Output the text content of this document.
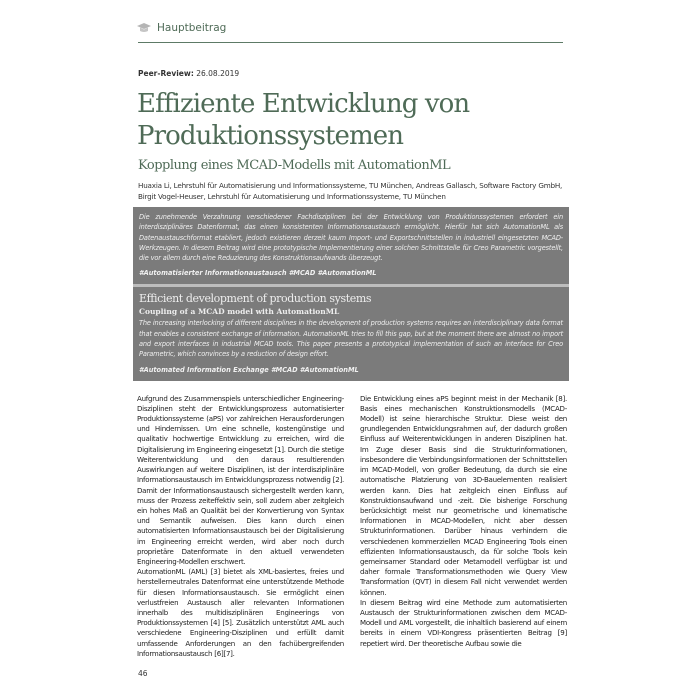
Hauptbeitrag
Peer-Review: 26.08.2019
Effiziente Entwicklung von Produktionssystemen
Kopplung eines MCAD-Modells mit AutomationML
Huaxia Li, Lehrstuhl für Automatisierung und Informationssysteme, TU München, Andreas Gallasch, Software Factory GmbH, Birgit Vogel-Heuser, Lehrstuhl für Automatisierung und Informationssysteme, TU München

Die zunehmende Verzahnung verschiedener Fachdisziplinen bei der Entwicklung von Produktionssystemen erfordert ein interdisziplinäres Datenformat, das einen konsistenten Informationsaustausch ermöglicht. Hierfür hat sich AutomationML als Datenaustauschformat etabliert, jedoch existieren derzeit kaum Import- und Exportschnittstellen in industriell eingesetzten MCAD-Werkzeugen. In diesem Beitrag wird eine prototypische Implementierung einer solchen Schnittstelle für Creo Parametric vorgestellt, die vor allem durch eine Reduzierung des Konstruktionsaufwands überzeugt.

#Automatisierter Informationaustausch #MCAD #AutomationML

Efficient development of production systems
Coupling of a MCAD model with AutomationML

The increasing interlocking of different disciplines in the development of production systems requires an interdisciplinary data format that enables a consistent exchange of information. AutomationML tries to fill this gap, but at the moment there are almost no import and export interfaces in industrial MCAD tools. This paper presents a prototypical implementation of such an interface for Creo Parametric, which convinces by a reduction of design effort.

#Automated Information Exchange #MCAD #AutomationML

Aufgrund des Zusammenspiels unterschiedlicher Engineering-Disziplinen steht der Entwicklungsprozess automatisierter Produktionssysteme (aPS) vor zahlreichen Herausforderungen und Hindernissen. Um eine schnelle, kostengünstige und qualitativ hochwertige Entwicklung zu erreichen, wird die Digitalisierung im Engineering eingesetzt [1]. Durch die stetige Weiterentwicklung und den daraus resultierenden Auswirkungen auf weitere Disziplinen, ist der interdisziplinäre Informationsaustausch im Entwicklungsprozess notwendig [2]. Damit der Informationsaustausch sichergestellt werden kann, muss der Prozess zeiteffektiv sein, soll zudem aber zeitgleich ein hohes Maß an Qualität bei der Konvertierung von Syntax und Semantik aufweisen. Dies kann durch einen automatisierten Informationsaustausch bei der Digitalisierung im Engineering erreicht werden, wird aber noch durch proprietäre Datenformate in den aktuell verwendeten Engineering-Modellen erschwert.

AutomationML (AML) [3] bietet als XML-basiertes, freies und herstellerneutrales Datenformat eine unterstützende Methode für diesen Informationsaustausch. Sie ermöglicht einen verlustfreien Austausch aller relevanten Informationen innerhalb des multidisziplinären Engineerings von Produktionssystemen [4] [5]. Zusätzlich unterstützt AML auch verschiedene Engineering-Disziplinen und erfüllt damit umfassende Anforderungen an den fachübergreifenden Informationsaustausch [6][7].

Die Entwicklung eines aPS beginnt meist in der Mechanik [8]. Basis eines mechanischen Konstruktionsmodells (MCAD-Modell) ist seine hierarchische Struktur. Diese weist den grundlegenden Entwicklungsrahmen auf, der dadurch großen Einfluss auf Weiterentwicklungen in anderen Disziplinen hat. Im Zuge dieser Basis sind die Strukturinformationen, insbesondere die Verbindungsinformationen der Schnittstellen im MCAD-Modell, von großer Bedeutung, da durch sie eine automatische Platzierung von 3D-Bauelementen realisiert werden kann. Dies hat zeitgleich einen Einfluss auf Konstruktionsaufwand und -zeit. Die bisherige Forschung berücksichtigt meist nur geometrische und kinematische Informationen in MCAD-Modellen, nicht aber dessen Strukturinformationen. Darüber hinaus verhindern die verschiedenen kommerziellen MCAD Engineering Tools einen effizienten Informationsaustausch, da für solche Tools kein gemeinsamer Standard oder Metamodell verfügbar ist und daher formale Transformationsmethoden wie Query View Transformation (QVT) in diesem Fall nicht verwendet werden können.

In diesem Beitrag wird eine Methode zum automatisierten Austausch der Strukturinformationen zwischen dem MCAD-Modell und AML vorgestellt, die inhaltlich basierend auf einem bereits in einem VDI-Kongress präsentierten Beitrag [9] repetiert wird. Der theoretische Aufbau sowie die

46
